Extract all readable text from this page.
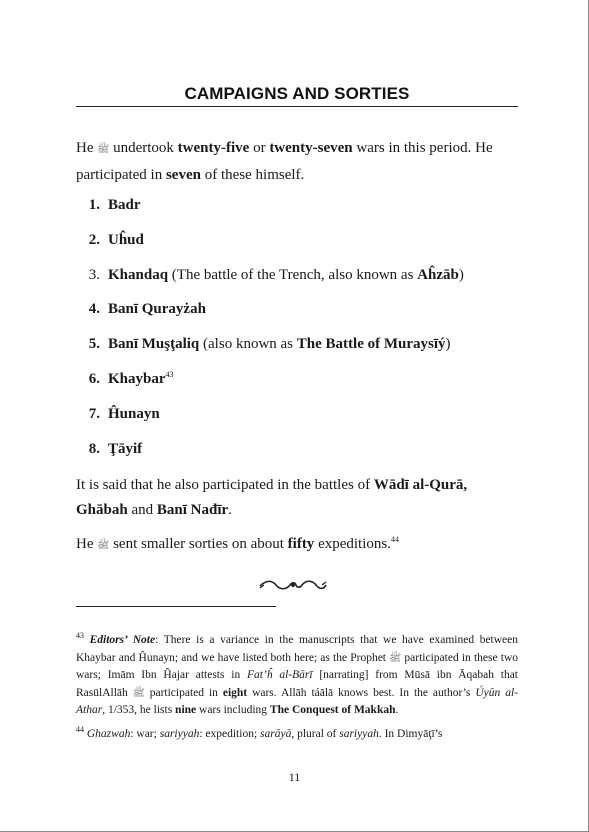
CAMPAIGNS AND SORTIES

He ﷺ undertook twenty-five or twenty-seven wars in this period. He participated in seven of these himself.

1. Badr
2. Uĥud
3. Khandaq (The battle of the Trench, also known as Aĥzāb)
4. Banī Qurayżah
5. Banī Muşţaliq (also known as The Battle of Muraysīý)
6. Khaybar$^{43}$
7. Ĥunayn
8. Ţāyif

It is said that he also participated in the battles of Wādī al-Qurā, Ghābah and Banī Nađīr.

He ﷺ sent smaller sorties on about fifty expeditions.$^{44}$

$^{43}$ Editors’ Note: There is a variance in the manuscripts that we have examined between Khaybar and Ĥunayn; and we have listed both here; as the Prophet ﷺ participated in these two wars; Imām Ibn Ĥajar attests in Fat’ĥ al-Bārī [narrating] from Mūsā ibn Āqabah that RasūlAllāh ﷺ participated in eight wars. Allāh táālā knows best. In the author’s Úyūn al-Athar, 1/353, he lists nine wars including The Conquest of Makkah.

$^{44}$ Ghazwah: war; sariyyah: expedition; sarāyā, plural of sariyyah. In Dimyāţī’s

11
